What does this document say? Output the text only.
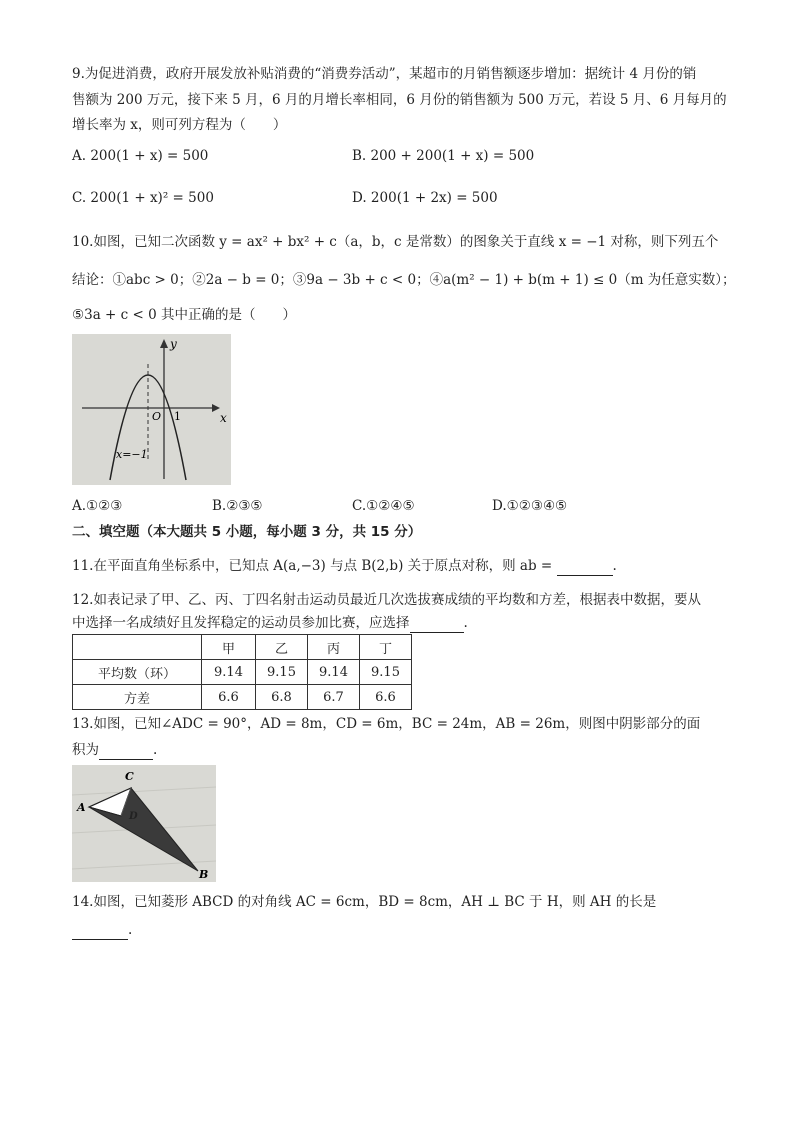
9.为促进消费，政府开展发放补贴消费的“消费券活动”，某超市的月销售额逐步增加：据统计 4 月份的销
售额为 200 万元，接下来 5 月，6 月的月增长率相同，6 月份的销售额为 500 万元，若设 5 月、6 月每月的
增长率为 x，则可列方程为（　　）
A. 200(1 + x) = 500	B. 200 + 200(1 + x) = 500
C. 200(1 + x)² = 500	D. 200(1 + 2x) = 500
10.如图，已知二次函数 y = ax² + bx² + c（a，b，c 是常数）的图象关于直线 x = −1 对称，则下列五个
结论：①abc > 0；②2a − b = 0；③9a − 3b + c < 0；④a(m² − 1) + b(m + 1) ≤ 0（m 为任意实数）；
⑤3a + c < 0 其中正确的是（　　）
y
x
O 1
x=−1
A.①②③	B.②③⑤	C.①②④⑤	D.①②③④⑤
二、填空题（本大题共 5 小题，每小题 3 分，共 15 分）
11.在平面直角坐标系中，已知点 A(a,−3) 与点 B(2,b) 关于原点对称，则 ab =	.
12.如表记录了甲、乙、丙、丁四名射击运动员最近几次选拔赛成绩的平均数和方差，根据表中数据，要从
中选择一名成绩好且发挥稳定的运动员参加比赛，应选择	.
	甲	乙	丙	丁
平均数（环）	9.14	9.15	9.14	9.15
方差	6.6	6.8	6.7	6.6
13.如图，已知∠ADC = 90°，AD = 8m，CD = 6m，BC = 24m，AB = 26m，则图中阴影部分的面
积为	.
A
B
C
D
14.如图，已知菱形 ABCD 的对角线 AC = 6cm，BD = 8cm，AH ⊥ BC 于 H，则 AH 的长是
.
